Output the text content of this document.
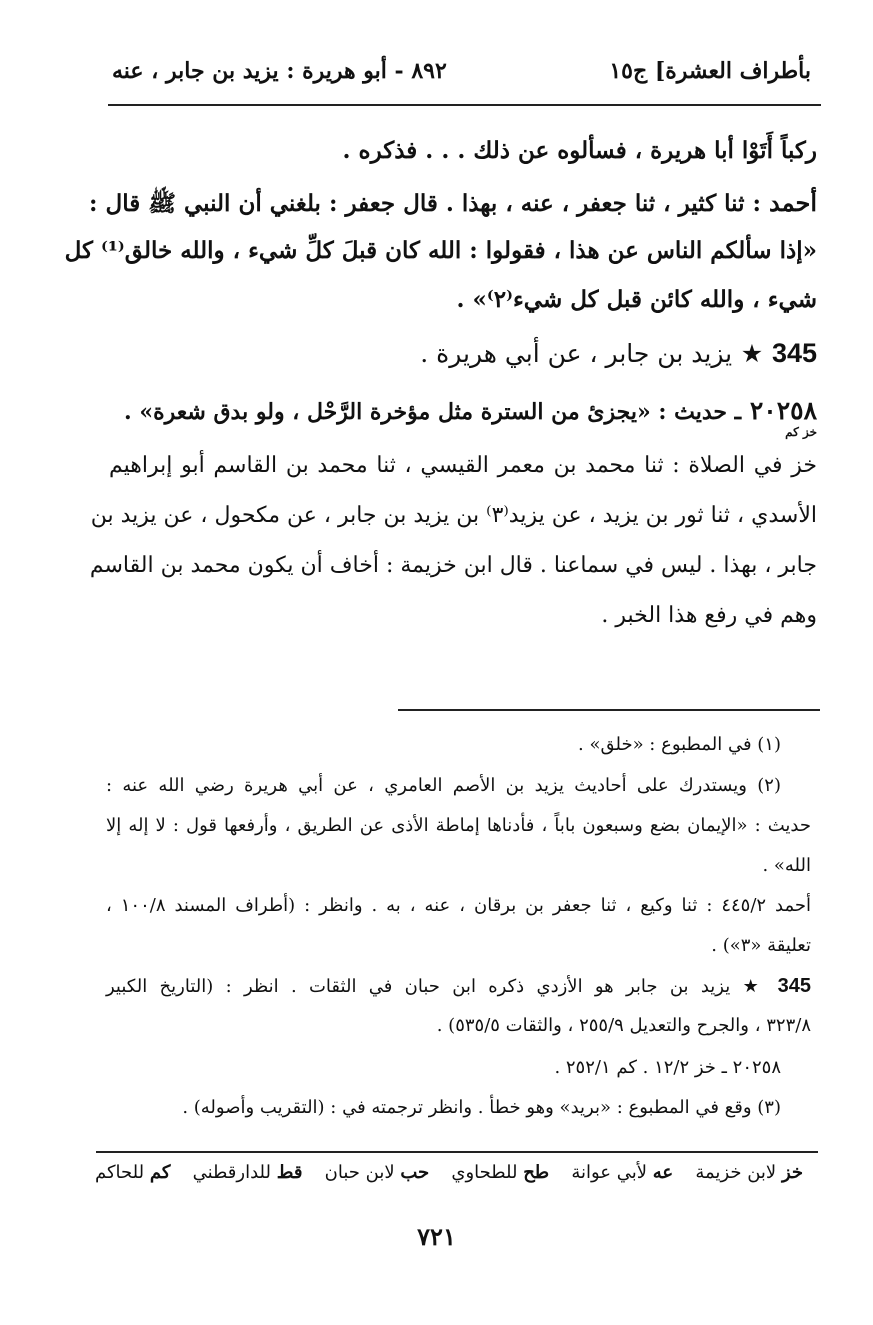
بأطراف العشرة] ج١٥
٨٩٢ - أبو هريرة : يزيد بن جابر ، عنه
ركباً أَتَوْا أبا هريرة ، فسألوه عن ذلك . . . فذكره .
أحمد : ثنا كثير ، ثنا جعفر ، عنه ، بهذا . قال جعفر : بلغني أن النبي ﷺ قال :
«إذا سألكم الناس عن هذا ، فقولوا : الله كان قبلَ كلِّ شيء ، والله خالق⁽¹⁾ كل
شيء ، والله كائن قبل كل شيء⁽٢⁾» .
345 ★ يزيد بن جابر ، عن أبي هريرة .
٢٠٢٥٨ ـ حديث : «يجزئ من السترة مثل مؤخرة الرَّحْل ، ولو بدق شعرة» .
خز كم
خز في الصلاة : ثنا محمد بن معمر القيسي ، ثنا محمد بن القاسم أبو إبراهيم
الأسدي ، ثنا ثور بن يزيد ، عن يزيد⁽٣⁾ بن يزيد بن جابر ، عن مكحول ، عن يزيد بن
جابر ، بهذا . ليس في سماعنا . قال ابن خزيمة : أخاف أن يكون محمد بن القاسم
وهم في رفع هذا الخبر .
(١) في المطبوع : «خلق» .
(٢) ويستدرك على أحاديث يزيد بن الأصم العامري ، عن أبي هريرة رضي الله عنه :
حديث : «الإيمان بضع وسبعون باباً ، فأدناها إماطة الأذى عن الطريق ، وأرفعها قول : لا إله إلا
الله» .
أحمد ٤٤٥/٢ : ثنا وكيع ، ثنا جعفر بن برقان ، عنه ، به . وانظر : (أطراف المسند ١٠٠/٨ ،
تعليقة «٣») .
345 ★ يزيد بن جابر هو الأزدي ذكره ابن حبان في الثقات . انظر : (التاريخ الكبير
٣٢٣/٨ ، والجرح والتعديل ٢٥٥/٩ ، والثقات ٥٣٥/٥) .
٢٠٢٥٨ ـ خز ١٢/٢ . كم ٢٥٢/١ .
(٣) وقع في المطبوع : «بريد» وهو خطأ . وانظر ترجمته في : (التقريب وأصوله) .
خز لابن خزيمة
عه لأبي عوانة
طح للطحاوي
حب لابن حبان
قط للدارقطني
كم للحاكم
٧٢١
